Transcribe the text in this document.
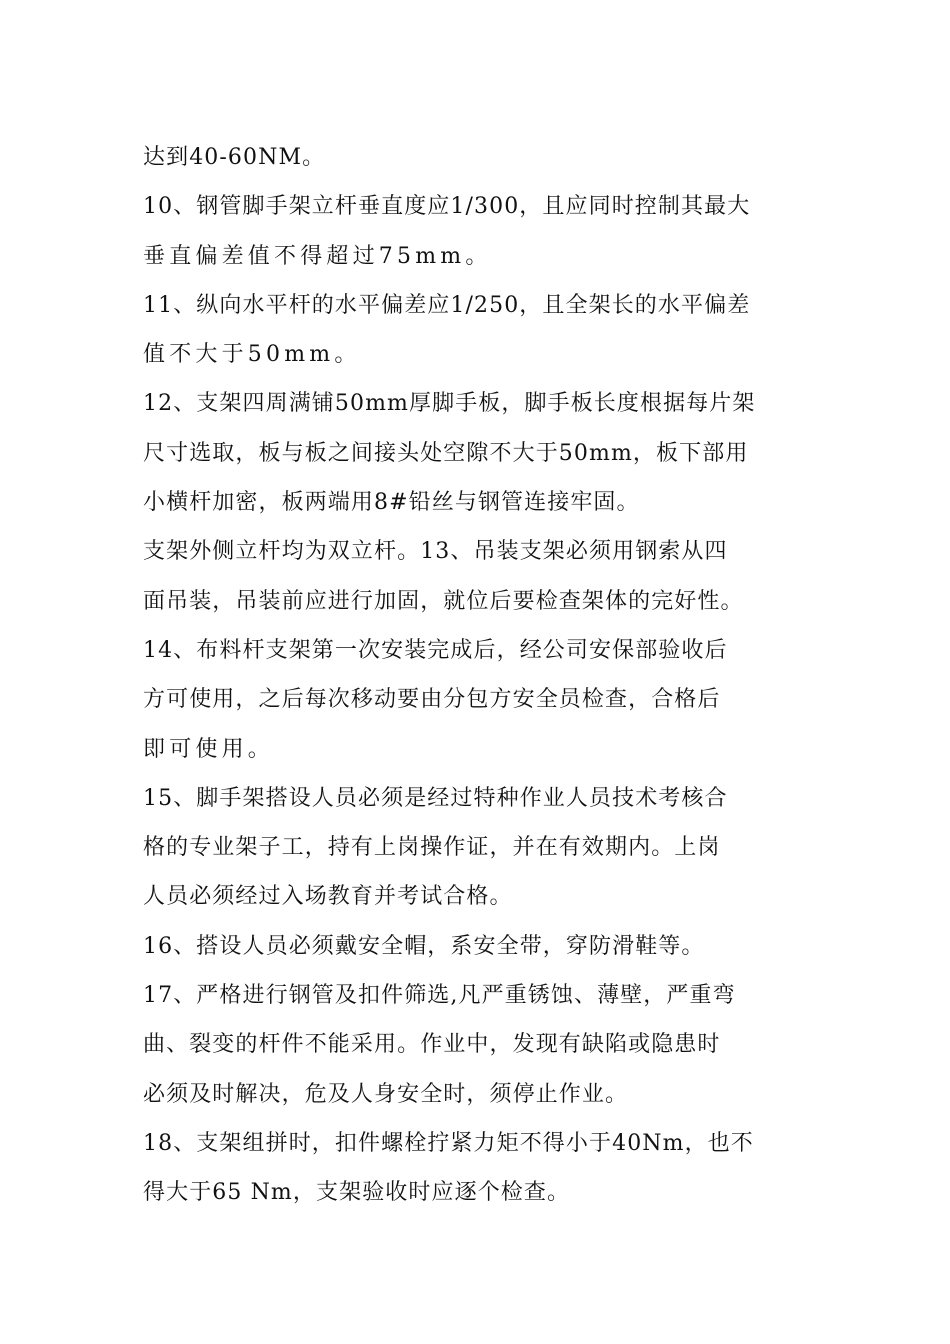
达到40-60NM。
10、钢管脚手架立杆垂直度应1/300，且应同时控制其最大
垂直偏差值不得超过75mm。
11、纵向水平杆的水平偏差应1/250，且全架长的水平偏差
值不大于50mm。
12、支架四周满铺50mm厚脚手板，脚手板长度根据每片架
尺寸选取，板与板之间接头处空隙不大于50mm，板下部用
小横杆加密，板两端用8#铅丝与钢管连接牢固。
支架外侧立杆均为双立杆。13、吊装支架必须用钢索从四
面吊装，吊装前应进行加固，就位后要检查架体的完好性。
14、布料杆支架第一次安装完成后，经公司安保部验收后
方可使用，之后每次移动要由分包方安全员检查，合格后
即可使用。
15、脚手架搭设人员必须是经过特种作业人员技术考核合
格的专业架子工，持有上岗操作证，并在有效期内。上岗
人员必须经过入场教育并考试合格。
16、搭设人员必须戴安全帽，系安全带，穿防滑鞋等。
17、严格进行钢管及扣件筛选,凡严重锈蚀、薄壁，严重弯
曲、裂变的杆件不能采用。作业中，发现有缺陷或隐患时
必须及时解决，危及人身安全时，须停止作业。
18、支架组拼时，扣件螺栓拧紧力矩不得小于40Nm，也不
得大于65 Nm，支架验收时应逐个检查。
